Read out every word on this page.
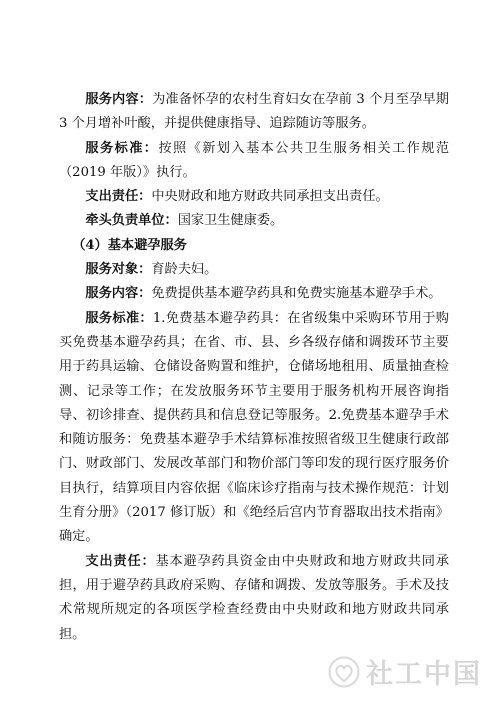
服务内容：为准备怀孕的农村生育妇女在孕前 3 个月至孕早期 3 个月增补叶酸，并提供健康指导、追踪随访等服务。

服务标准：按照《新划入基本公共卫生服务相关工作规范（2019 年版）》执行。

支出责任：中央财政和地方财政共同承担支出责任。

牵头负责单位：国家卫生健康委。

（4）基本避孕服务

服务对象：育龄夫妇。

服务内容：免费提供基本避孕药具和免费实施基本避孕手术。

服务标准：1.免费基本避孕药具：在省级集中采购环节用于购买免费基本避孕药具；在省、市、县、乡各级存储和调拨环节主要用于药具运输、仓储设备购置和维护，仓储场地租用、质量抽查检测、记录等工作；在发放服务环节主要用于服务机构开展咨询指导、初诊排查、提供药具和信息登记等服务。2.免费基本避孕手术和随访服务：免费基本避孕手术结算标准按照省级卫生健康行政部门、财政部门、发展改革部门和物价部门等印发的现行医疗服务价目执行，结算项目内容依据《临床诊疗指南与技术操作规范：计划生育分册》（2017 修订版）和《绝经后宫内节育器取出技术指南》确定。

支出责任：基本避孕药具资金由中央财政和地方财政共同承担，用于避孕药具政府采购、存储和调拨、发放等服务。手术及技术常规所规定的各项医学检查经费由中央财政和地方财政共同承担。

社工中国
